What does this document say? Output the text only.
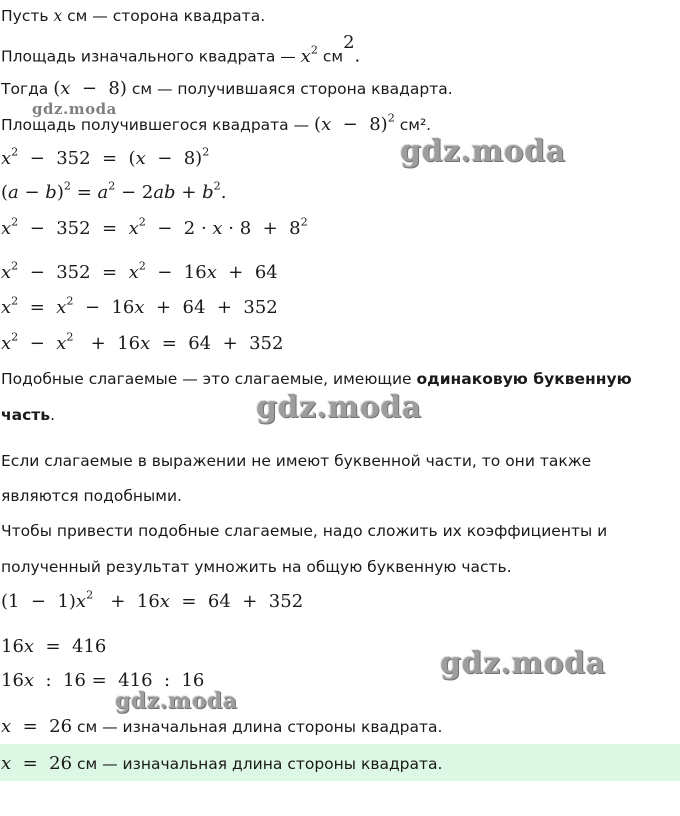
Пусть x см — сторона квадрата.
Площадь изначального квадрата — $x^2$ $см^2$.
Тогда (x  −  8) см — получившаяся сторона квадарта.
Площадь получившегося квадрата — $(x - 8)^2$ см².
$x^2 - 352 = (x - 8)^2$
$(a - b)^2 = a^2 - 2ab + b^2$.
$x^2 - 352 = x^2 - 2 \cdot x \cdot 8 + 8^2$
$x^2 - 352 = x^2 - 16x + 64$
$x^2 = x^2 - 16x + 64 + 352$
$x^2 - x^2 + 16x = 64 + 352$
Подобные слагаемые — это слагаемые, имеющие одинаковую буквенную
часть.
Если слагаемые в выражении не имеют буквенной части, то они также
являются подобными.
Чтобы привести подобные слагаемые, надо сложить их коэффициенты и
полученный результат умножить на общую буквенную часть.
$(1 - 1)x^2 + 16x = 64 + 352$
16x  =  416
16x  :  16 =  416  :  16
x  =  26 см — изначальная длина стороны квадрата.
x  =  26 см — изначальная длина стороны квадрата.
gdz.moda
gdz.moda
gdz.moda
gdz.moda
gdz.moda
